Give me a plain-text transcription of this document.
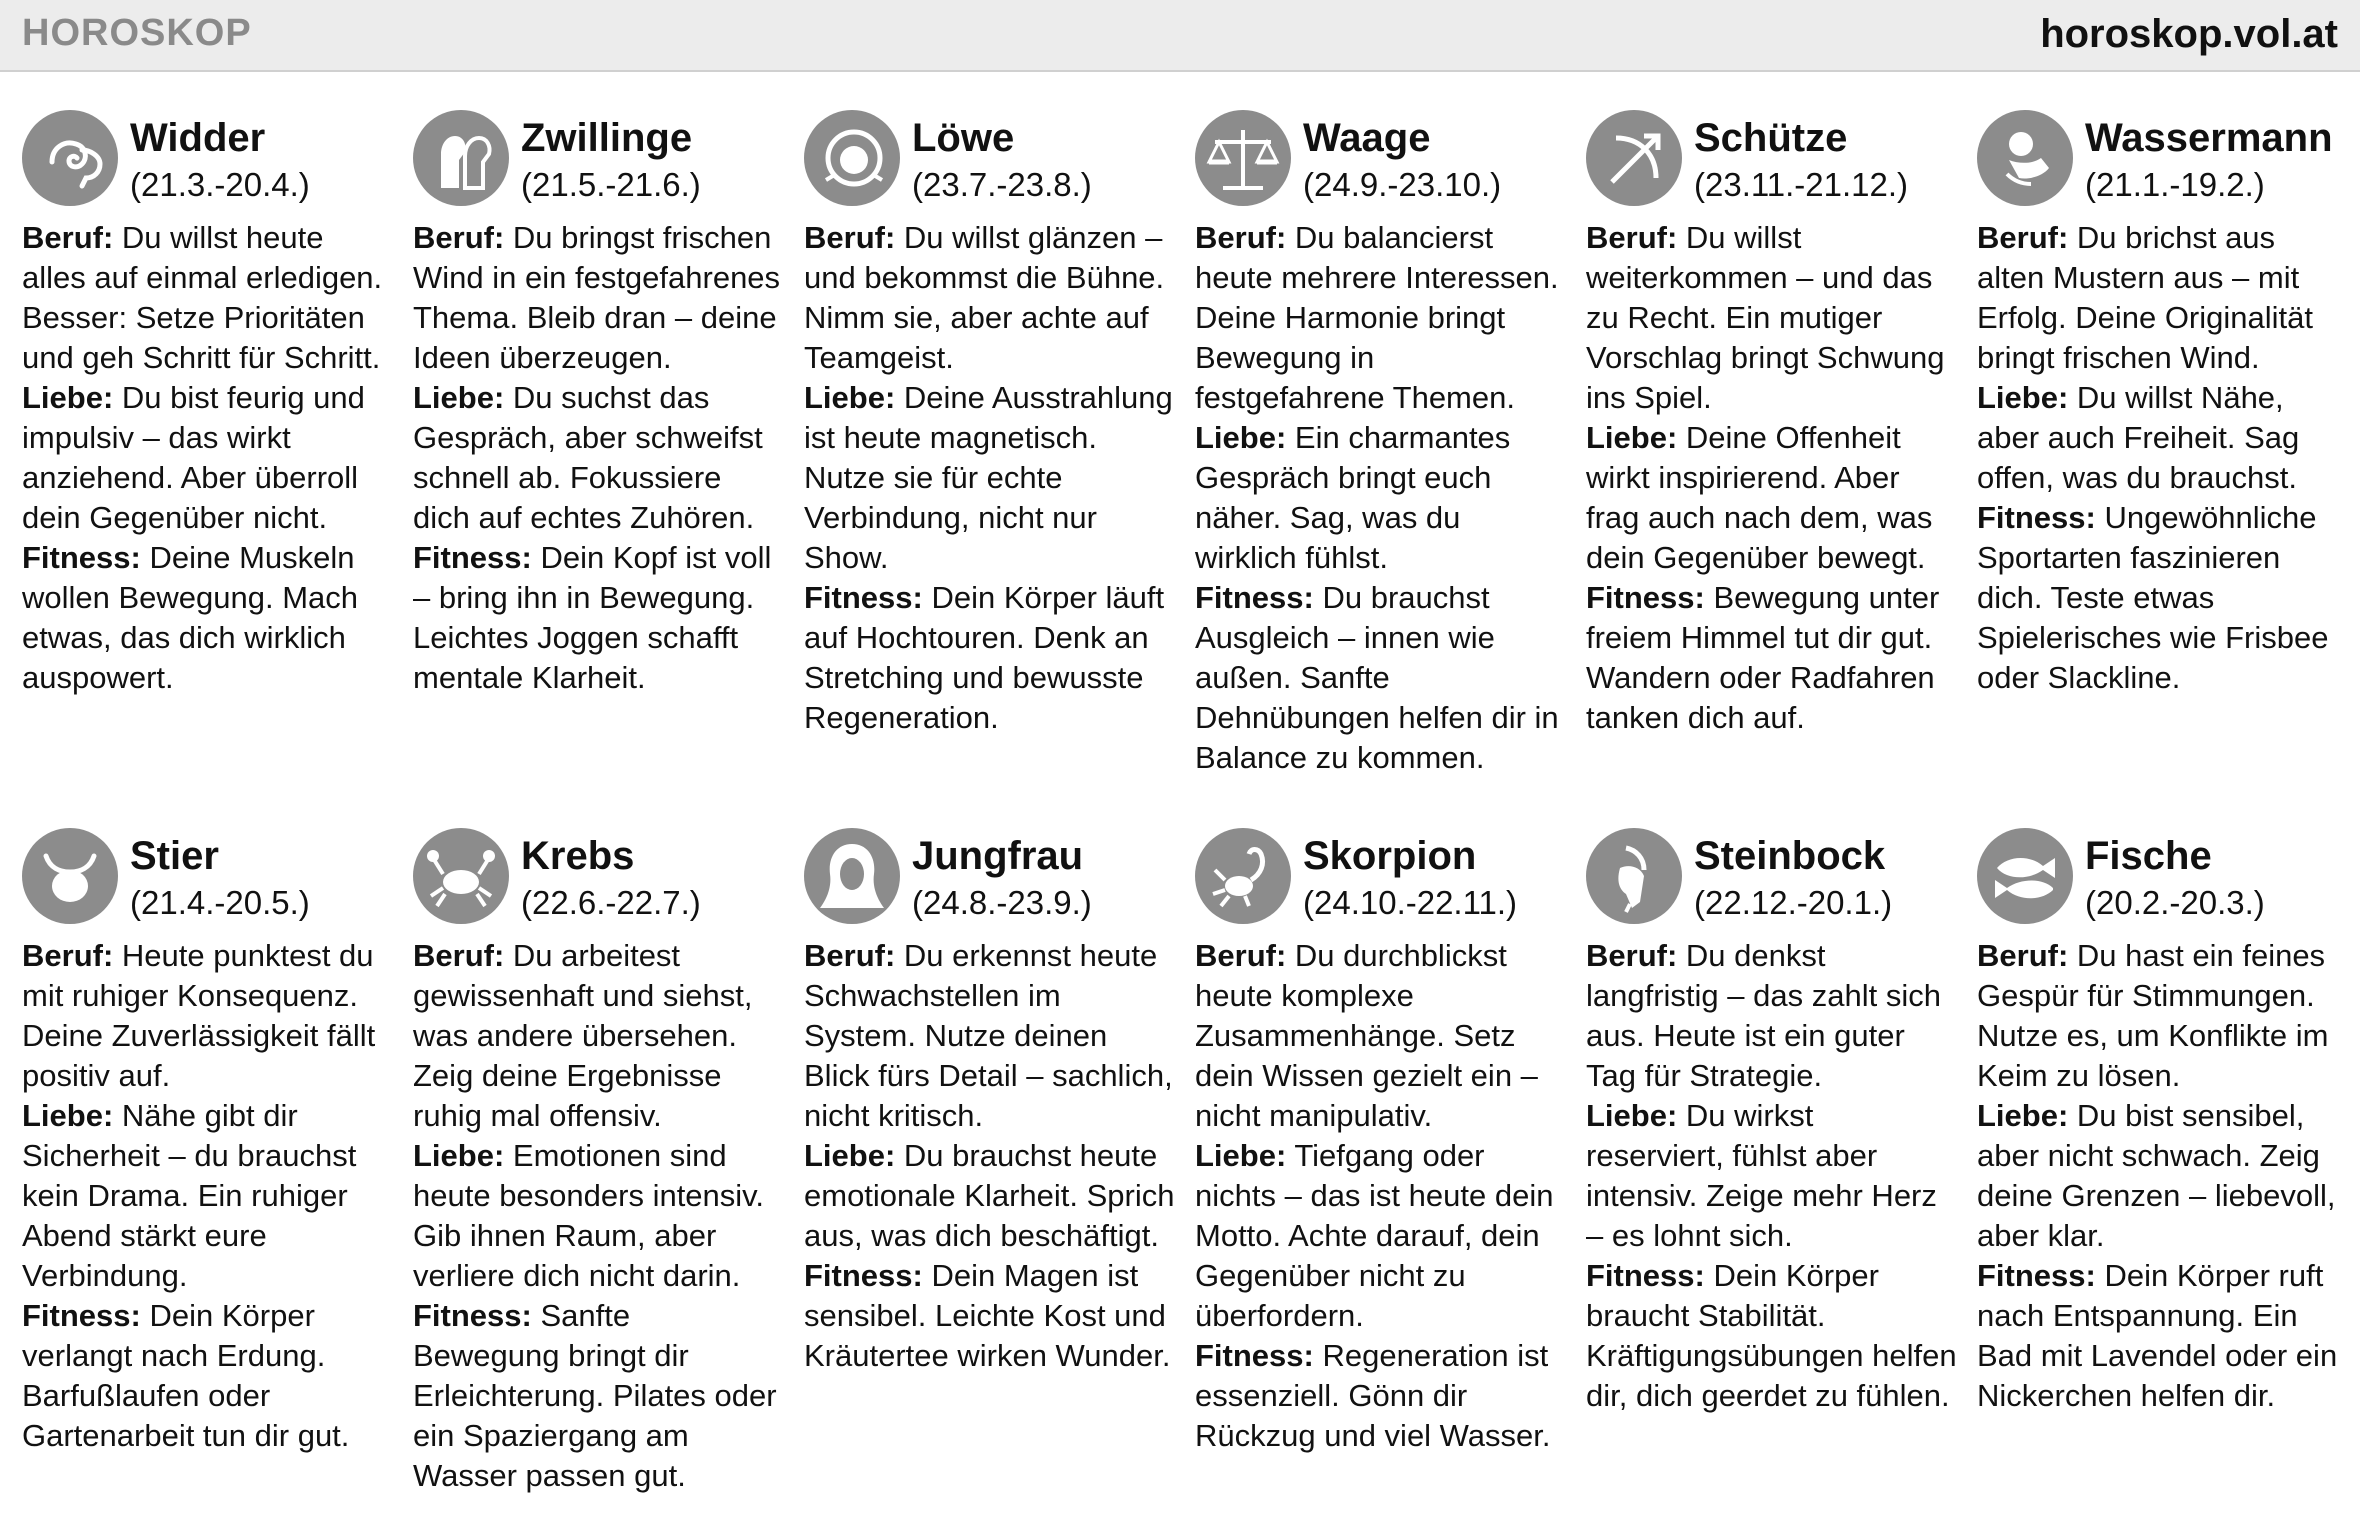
HOROSKOP	horoskop.vol.at
Widder
(21.3.-20.4.)
Beruf: Du willst heute alles auf einmal erledigen. Besser: Setze Prioritäten und geh Schritt für Schritt.
Liebe: Du bist feurig und impulsiv – das wirkt anziehend. Aber überroll dein Gegenüber nicht.
Fitness: Deine Muskeln wollen Bewegung. Mach etwas, das dich wirklich auspowert.
Zwillinge
(21.5.-21.6.)
Beruf: Du bringst frischen Wind in ein festgefahrenes Thema. Bleib dran – deine Ideen überzeugen.
Liebe: Du suchst das Gespräch, aber schweifst schnell ab. Fokussiere dich auf echtes Zuhören.
Fitness: Dein Kopf ist voll – bring ihn in Bewegung. Leichtes Joggen schafft mentale Klarheit.
Löwe
(23.7.-23.8.)
Beruf: Du willst glänzen – und bekommst die Bühne. Nimm sie, aber achte auf Teamgeist.
Liebe: Deine Ausstrahlung ist heute magnetisch. Nutze sie für echte Verbindung, nicht nur Show.
Fitness: Dein Körper läuft auf Hochtouren. Denk an Stretching und bewusste Regeneration.
Waage
(24.9.-23.10.)
Beruf: Du balancierst heute mehrere Interessen. Deine Harmonie bringt Bewegung in festgefahrene Themen.
Liebe: Ein charmantes Gespräch bringt euch näher. Sag, was du wirklich fühlst.
Fitness: Du brauchst Ausgleich – innen wie außen. Sanfte Dehnübungen helfen dir in Balance zu kommen.
Schütze
(23.11.-21.12.)
Beruf: Du willst weiterkommen – und das zu Recht. Ein mutiger Vorschlag bringt Schwung ins Spiel.
Liebe: Deine Offenheit wirkt inspirierend. Aber frag auch nach dem, was dein Gegenüber bewegt.
Fitness: Bewegung unter freiem Himmel tut dir gut. Wandern oder Radfahren tanken dich auf.
Wassermann
(21.1.-19.2.)
Beruf: Du brichst aus alten Mustern aus – mit Erfolg. Deine Originalität bringt frischen Wind.
Liebe: Du willst Nähe, aber auch Freiheit. Sag offen, was du brauchst.
Fitness: Ungewöhnliche Sportarten faszinieren dich. Teste etwas Spielerisches wie Frisbee oder Slackline.
Stier
(21.4.-20.5.)
Beruf: Heute punktest du mit ruhiger Konsequenz. Deine Zuverlässigkeit fällt positiv auf.
Liebe: Nähe gibt dir Sicherheit – du brauchst kein Drama. Ein ruhiger Abend stärkt eure Verbindung.
Fitness: Dein Körper verlangt nach Erdung. Barfußlaufen oder Gartenarbeit tun dir gut.
Krebs
(22.6.-22.7.)
Beruf: Du arbeitest gewissenhaft und siehst, was andere übersehen. Zeig deine Ergebnisse ruhig mal offensiv.
Liebe: Emotionen sind heute besonders intensiv. Gib ihnen Raum, aber verliere dich nicht darin.
Fitness: Sanfte Bewegung bringt dir Erleichterung. Pilates oder ein Spaziergang am Wasser passen gut.
Jungfrau
(24.8.-23.9.)
Beruf: Du erkennst heute Schwachstellen im System. Nutze deinen Blick fürs Detail – sachlich, nicht kritisch.
Liebe: Du brauchst heute emotionale Klarheit. Sprich aus, was dich beschäftigt.
Fitness: Dein Magen ist sensibel. Leichte Kost und Kräutertee wirken Wunder.
Skorpion
(24.10.-22.11.)
Beruf: Du durchblickst heute komplexe Zusammenhänge. Setz dein Wissen gezielt ein – nicht manipulativ.
Liebe: Tiefgang oder nichts – das ist heute dein Motto. Achte darauf, dein Gegenüber nicht zu überfordern.
Fitness: Regeneration ist essenziell. Gönn dir Rückzug und viel Wasser.
Steinbock
(22.12.-20.1.)
Beruf: Du denkst langfristig – das zahlt sich aus. Heute ist ein guter Tag für Strategie.
Liebe: Du wirkst reserviert, fühlst aber intensiv. Zeige mehr Herz – es lohnt sich.
Fitness: Dein Körper braucht Stabilität. Kräftigungsübungen helfen dir, dich geerdet zu fühlen.
Fische
(20.2.-20.3.)
Beruf: Du hast ein feines Gespür für Stimmungen. Nutze es, um Konflikte im Keim zu lösen.
Liebe: Du bist sensibel, aber nicht schwach. Zeig deine Grenzen – liebevoll, aber klar.
Fitness: Dein Körper ruft nach Entspannung. Ein Bad mit Lavendel oder ein Nickerchen helfen dir.
